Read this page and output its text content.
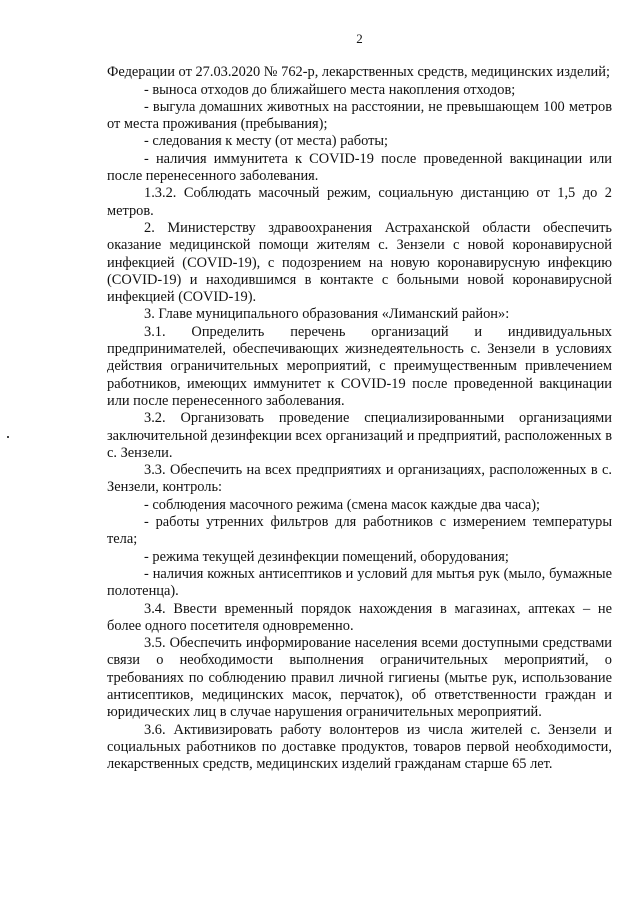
2

Федерации от 27.03.2020 № 762-р, лекарственных средств, медицинских изделий;

- выноса отходов до ближайшего места накопления отходов;

- выгула домашних животных на расстоянии, не превышающем 100 метров от места проживания (пребывания);

- следования к месту (от места) работы;

- наличия иммунитета к COVID-19 после проведенной вакцинации или после перенесенного заболевания.

1.3.2. Соблюдать масочный режим, социальную дистанцию от 1,5 до 2 метров.

2. Министерству здравоохранения Астраханской области обеспечить оказание медицинской помощи жителям с. Зензели с новой коронавирусной инфекцией (COVID-19), с подозрением на новую коронавирусную инфекцию (COVID-19) и находившимся в контакте с больными новой коронавирусной инфекцией (COVID-19).

3. Главе муниципального образования «Лиманский район»:

3.1. Определить перечень организаций и индивидуальных предпринимателей, обеспечивающих жизнедеятельность с. Зензели в условиях действия ограничительных мероприятий, с преимущественным привлечением работников, имеющих иммунитет к COVID-19 после проведенной вакцинации или после перенесенного заболевания.

3.2. Организовать проведение специализированными организациями заключительной дезинфекции всех организаций и предприятий, расположенных в с. Зензели.

3.3. Обеспечить на всех предприятиях и организациях, расположенных в с. Зензели, контроль:

- соблюдения масочного режима (смена масок каждые два часа);

- работы утренних фильтров для работников с измерением температуры тела;

- режима текущей дезинфекции помещений, оборудования;

- наличия кожных антисептиков и условий для мытья рук (мыло, бумажные полотенца).

3.4. Ввести временный порядок нахождения в магазинах, аптеках – не более одного посетителя одновременно.

3.5. Обеспечить информирование населения всеми доступными средствами связи о необходимости выполнения ограничительных мероприятий, о требованиях по соблюдению правил личной гигиены (мытье рук, использование антисептиков, медицинских масок, перчаток), об ответственности граждан и юридических лиц в случае нарушения ограничительных мероприятий.

3.6. Активизировать работу волонтеров из числа жителей с. Зензели и социальных работников по доставке продуктов, товаров первой необходимости, лекарственных средств, медицинских изделий гражданам старше 65 лет.
